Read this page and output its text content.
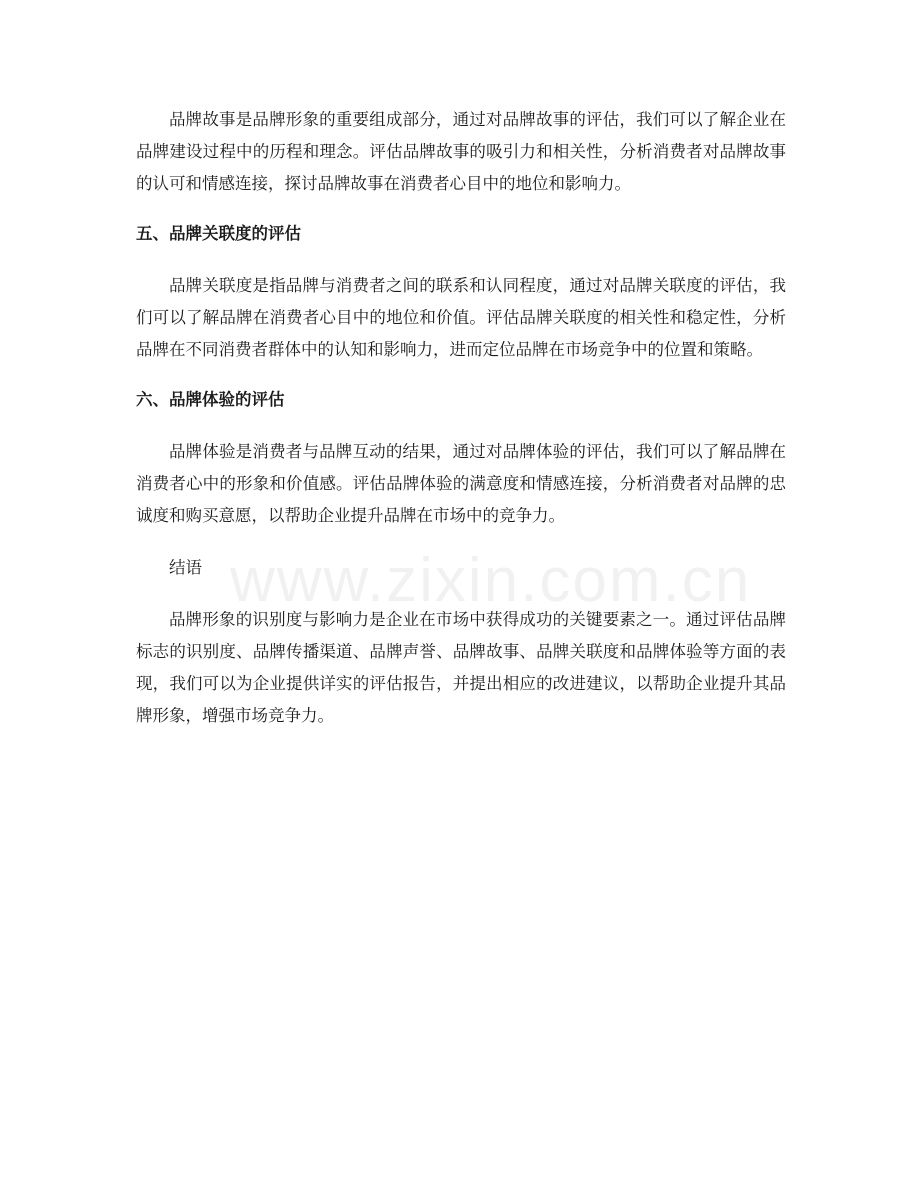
品牌故事是品牌形象的重要组成部分，通过对品牌故事的评估，我们可以了解企业在品牌建设过程中的历程和理念。评估品牌故事的吸引力和相关性，分析消费者对品牌故事的认可和情感连接，探讨品牌故事在消费者心目中的地位和影响力。

五、品牌关联度的评估

品牌关联度是指品牌与消费者之间的联系和认同程度，通过对品牌关联度的评估，我们可以了解品牌在消费者心目中的地位和价值。评估品牌关联度的相关性和稳定性，分析品牌在不同消费者群体中的认知和影响力，进而定位品牌在市场竞争中的位置和策略。

六、品牌体验的评估

品牌体验是消费者与品牌互动的结果，通过对品牌体验的评估，我们可以了解品牌在消费者心中的形象和价值感。评估品牌体验的满意度和情感连接，分析消费者对品牌的忠诚度和购买意愿，以帮助企业提升品牌在市场中的竞争力。

结语

品牌形象的识别度与影响力是企业在市场中获得成功的关键要素之一。通过评估品牌标志的识别度、品牌传播渠道、品牌声誉、品牌故事、品牌关联度和品牌体验等方面的表现，我们可以为企业提供详实的评估报告，并提出相应的改进建议，以帮助企业提升其品牌形象，增强市场竞争力。

www.zixin.com.cn
